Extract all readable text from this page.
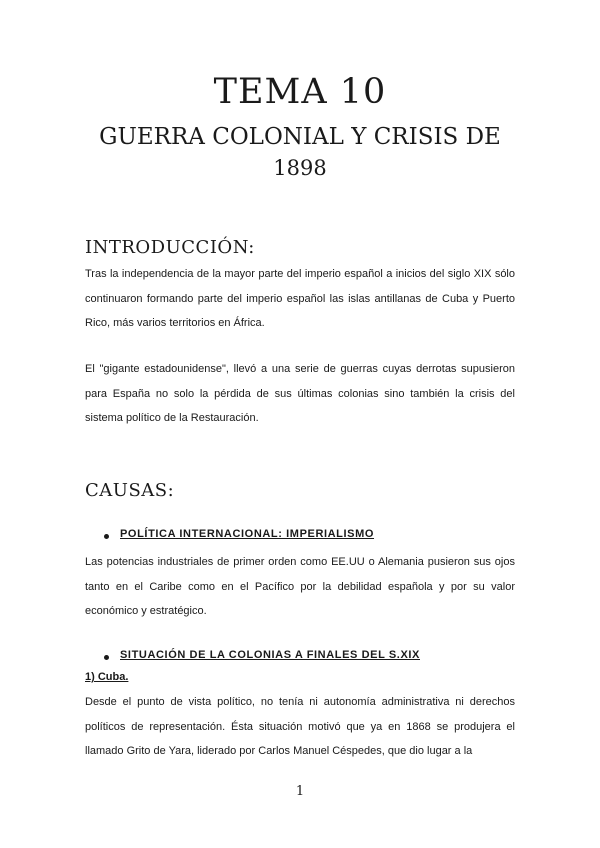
TEMA 10
GUERRA COLONIAL Y CRISIS DE
1898
INTRODUCCIÓN:
Tras la independencia de la mayor parte del imperio español a inicios del siglo XIX sólo continuaron formando parte del imperio español las islas antillanas de Cuba y Puerto Rico, más varios territorios en África.
El "gigante estadounidense", llevó a una serie de guerras cuyas derrotas supusieron para España no solo la pérdida de sus últimas colonias sino también la crisis del sistema político de la Restauración.
CAUSAS:
POLÍTICA INTERNACIONAL: IMPERIALISMO
Las potencias industriales de primer orden como EE.UU o Alemania pusieron sus ojos tanto en el Caribe como en el Pacífico por la debilidad española y por su valor económico y estratégico.
SITUACIÓN DE LA COLONIAS A FINALES DEL S.XIX
1) Cuba.
Desde el punto de vista político, no tenía ni autonomía administrativa ni derechos políticos de representación. Ésta situación motivó que ya en 1868 se produjera el llamado Grito de Yara, liderado por Carlos Manuel Céspedes, que dio lugar a la
1
